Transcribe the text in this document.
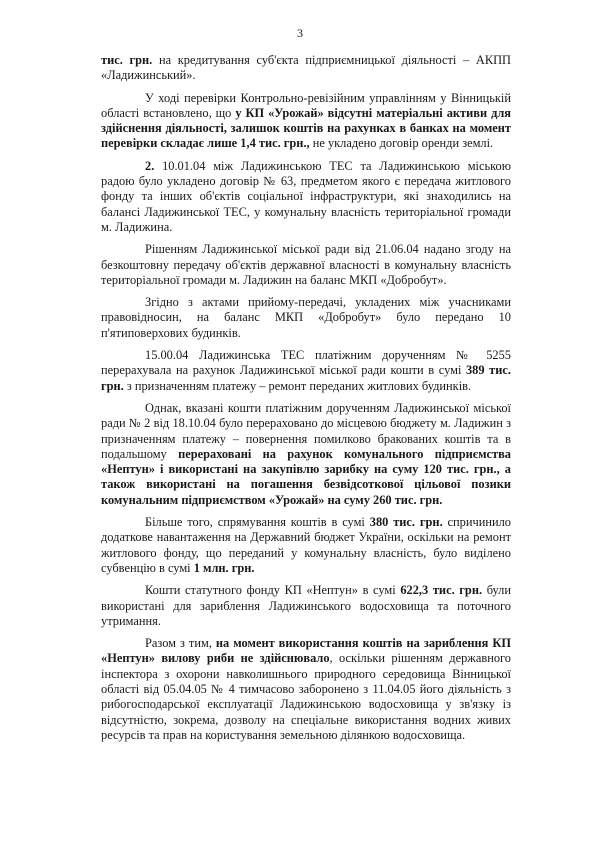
3

тис. грн. на кредитування суб'єкта підприємницької діяльності – АКПП «Ладижинський».

У ході перевірки Контрольно-ревізійним управлінням у Вінницькій області встановлено, що у КП «Урожай» відсутні матеріальні активи для здійснення діяльності, залишок коштів на рахунках в банках на момент перевірки складає лише 1,4 тис. грн., не укладено договір оренди землі.

2. 10.01.04 між Ладижинською ТЕС та Ладижинською міською радою було укладено договір № 63, предметом якого є передача житлового фонду та інших об'єктів соціальної інфраструктури, які знаходились на балансі Ладижинської ТЕС, у комунальну власність територіальної громади м. Ладижина.

Рішенням Ладижинської міської ради від 21.06.04 надано згоду на безкоштовну передачу об'єктів державної власності в комунальну власність територіальної громади м. Ладижин на баланс МКП «Добробут».

Згідно з актами прийому-передачі, укладених між учасниками правовідносин, на баланс МКП «Добробут» було передано 10 п'ятиповерхових будинків.

15.00.04 Ладижинська ТЕС платіжним дорученням № 5255 перерахувала на рахунок Ладижинської міської ради кошти в сумі 389 тис. грн. з призначенням платежу – ремонт переданих житлових будинків.

Однак, вказані кошти платіжним дорученням Ладижинської міської ради № 2 від 18.10.04 було перераховано до місцевою бюджету м. Ладижин з призначенням платежу – повернення помилково бракованих коштів та в подальшому перераховані на рахунок комунального підприємства «Нептун» і використані на закупівлю зарибку на суму 120 тис. грн., а також використані на погашення безвідсоткової цільової позики комунальним підприємством «Урожай» на суму 260 тис. грн.

Більше того, спрямування коштів в сумі 380 тис. грн. спричинило додаткове навантаження на Державний бюджет України, оскільки на ремонт житлового фонду, що переданий у комунальну власність, було виділено субвенцію в сумі 1 млн. грн.

Кошти статутного фонду КП «Нептун» в сумі 622,3 тис. грн. були використані для зариблення Ладижинського водосховища та поточного утримання.

Разом з тим, на момент використання коштів на зариблення КП «Нептун» вилову риби не здійснювало, оскільки рішенням державного інспектора з охорони навколишнього природного середовища Вінницької області від 05.04.05 № 4 тимчасово заборонено з 11.04.05 його діяльність з рибогосподарської експлуатації Ладижинською водосховища у зв'язку із відсутністю, зокрема, дозволу на спеціальне використання водних живих ресурсів та прав на користування земельною ділянкою водосховища.
